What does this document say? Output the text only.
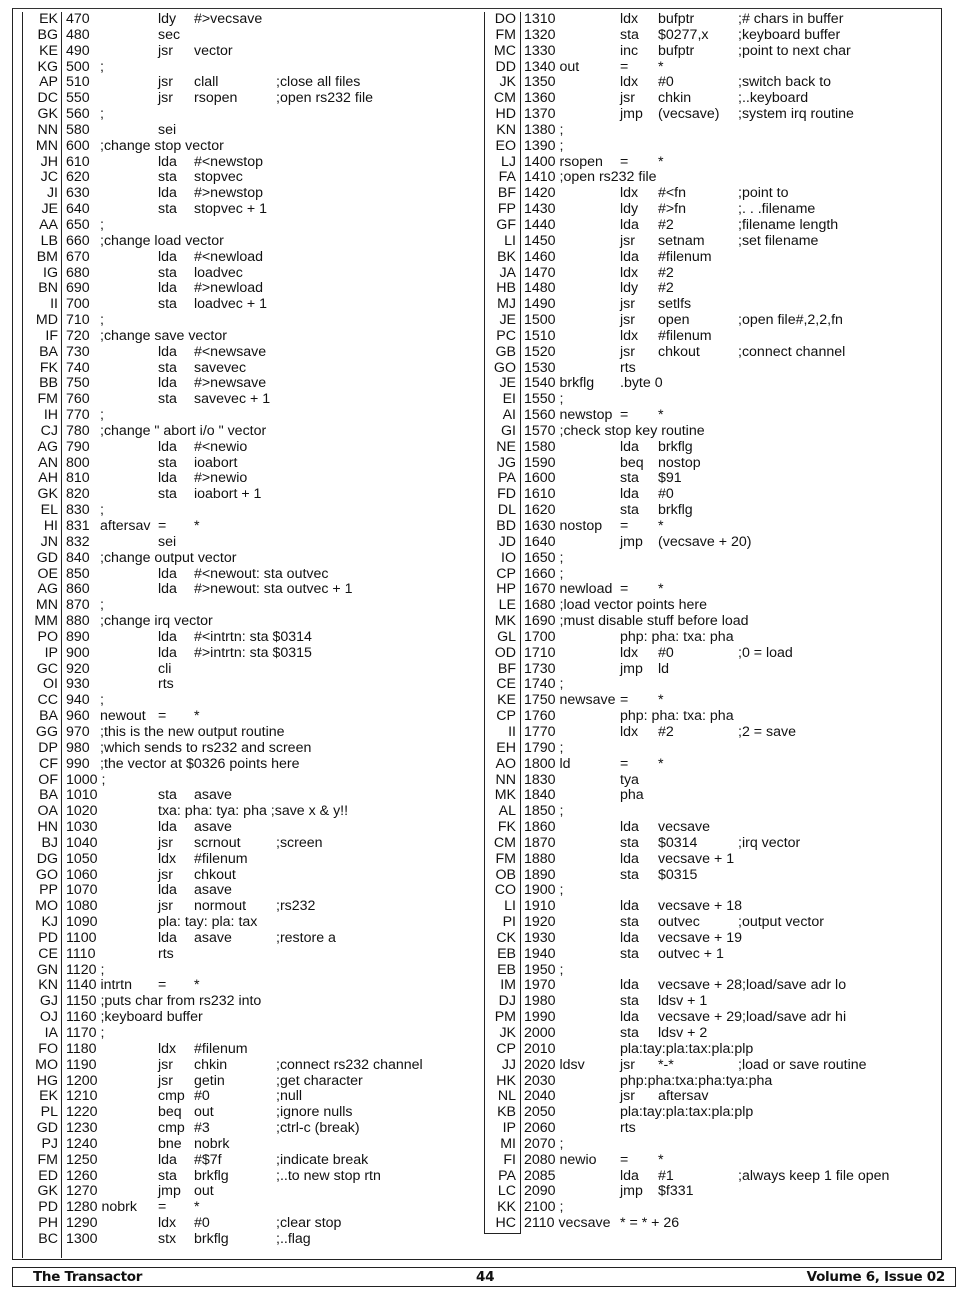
EK 470	ldy #>vecsave
BG 480	sec
KE 490	jsr vector
KG 500 ;
AP 510	jsr clall	;close all files
DC 550	jsr rsopen	;open rs232 file
GK 560 ;
NN 580	sei
MN 600 ;change stop vector
JH 610	lda #<newstop
JC 620	sta stopvec
JI 630	lda #>newstop
JE 640	sta stopvec + 1
AA 650 ;
LB 660 ;change load vector
BM 670	lda #<newload
IG 680	sta loadvec
BN 690	lda #>newload
II 700	sta loadvec + 1
MD 710 ;
IF 720 ;change save vector
BA 730	lda #<newsave
FK 740	sta savevec
BB 750	lda #>newsave
FM 760	sta savevec + 1
IH 770 ;
CJ 780 ;change " abort i/o " vector
AG 790	lda #<newio
AN 800	sta ioabort
AH 810	lda #>newio
GK 820	sta ioabort + 1
EL 830 ;
HI 831 aftersav = *
JN 832	sei
GD 840 ;change output vector
OE 850	lda #<newout: sta outvec
AG 860	lda #>newout: sta outvec + 1
MN 870 ;
MM 880 ;change irq vector
PO 890	lda #<intrtn: sta $0314
IP 900	lda #>intrtn: sta $0315
GC 920	cli
OI 930	rts
CC 940 ;
BA 960 newout = *
GG 970 ;this is the new output routine
DP 980 ;which sends to rs232 and screen
CF 990 ;the vector at $0326 points here
OF 1000 ;
BA 1010	sta asave
OA 1020	txa: pha: tya: pha ;save x & y!!
HN 1030	lda asave
BJ 1040	jsr scrnout ;screen
DG 1050	ldx #filenum
GO 1060	jsr chkout
PP 1070	lda asave
MO 1080	jsr normout ;rs232
KJ 1090	pla: tay: pla: tax
PD 1100	lda asave	;restore a
CE 1110	rts
GN 1120 ;
KN 1140 intrtn = *
GJ 1150 ;puts char from rs232 into
OJ 1160 ;keyboard buffer
IA 1170 ;
FO 1180	ldx #filenum
MO 1190	jsr chkin	;connect rs232 channel
HG 1200	jsr getin	;get character
EK 1210	cmp #0	;null
PL 1220	beq out	;ignore nulls
GD 1230	cmp #3	;ctrl-c (break)
PJ 1240	bne nobrk
FM 1250	lda #$7f	;indicate break
ED 1260	sta brkflg	;..to new stop rtn
GK 1270	jmp out
PD 1280 nobrk = *
PH 1290	ldx #0	;clear stop
BC 1300	stx brkflg	;..flag
DO 1310	ldx bufptr	;# chars in buffer
FM 1320	sta $0277,x ;keyboard buffer
MC 1330	inc bufptr	;point to next char
DD 1340 out	= *
JK 1350	ldx #0	;switch back to
CM 1360	jsr chkin	;..keyboard
HD 1370	jmp (vecsave) ;system irq routine
KN 1380 ;
EO 1390 ;
LJ 1400 rsopen = *
FA 1410 ;open rs232 file
BF 1420	ldx #<fn	;point to
FP 1430	ldy #>fn	;. . .filename
GF 1440	lda #2	;filename length
LI 1450	jsr setnam ;set filename
BK 1460	lda #filenum
JA 1470	ldx #2
HB 1480	ldy #2
MJ 1490	jsr setlfs
JE 1500	jsr open	;open file#,2,2,fn
PC 1510	ldx #filenum
GB 1520	jsr chkout	;connect channel
GO 1530	rts
JE 1540 brkflg .byte 0
EI 1550 ;
AI 1560 newstop = *
GI 1570 ;check stop key routine
NE 1580	lda brkflg
JG 1590	beq nostop
PA 1600	sta $91
FD 1610	lda #0
DL 1620	sta brkflg
BD 1630 nostop = *
JD 1640	jmp (vecsave + 20)
IO 1650 ;
CP 1660 ;
HP 1670 newload = *
LE 1680 ;load vector points here
MK 1690 ;must disable stuff before load
GL 1700	php: pha: txa: pha
OD 1710	ldx #0	;0 = load
BF 1730	jmp ld
CE 1740 ;
KE 1750 newsave = *
CP 1760	php: pha: txa: pha
II 1770	ldx #2	;2 = save
EH 1790 ;
AO 1800 ld	= *
NN 1830	tya
MK 1840	pha
AL 1850 ;
FK 1860	lda vecsave
CM 1870	sta $0314	;irq vector
FM 1880	lda vecsave + 1
OB 1890	sta $0315
CO 1900 ;
LI 1910	lda vecsave + 18
PI 1920	sta outvec	;output vector
CK 1930	lda vecsave + 19
EB 1940	sta outvec + 1
EB 1950 ;
IM 1970	lda vecsave + 28;load/save adr lo
DJ 1980	sta ldsv + 1
PM 1990	lda vecsave + 29;load/save adr hi
JK 2000	sta ldsv + 2
CP 2010	pla:tay:pla:tax:pla:plp
JJ 2020 ldsv jsr *-*	;load or save routine
HK 2030	php:pha:txa:pha:tya:pha
NL 2040	jsr aftersav
KB 2050	pla:tay:pla:tax:pla:plp
IP 2060	rts
MI 2070 ;
FI 2080 newio = *
PA 2085	lda #1	;always keep 1 file open
LC 2090	jmp $f331
KK 2100 ;
HC 2110 vecsave * = * + 26
The Transactor	44	Volume 6, Issue 02
